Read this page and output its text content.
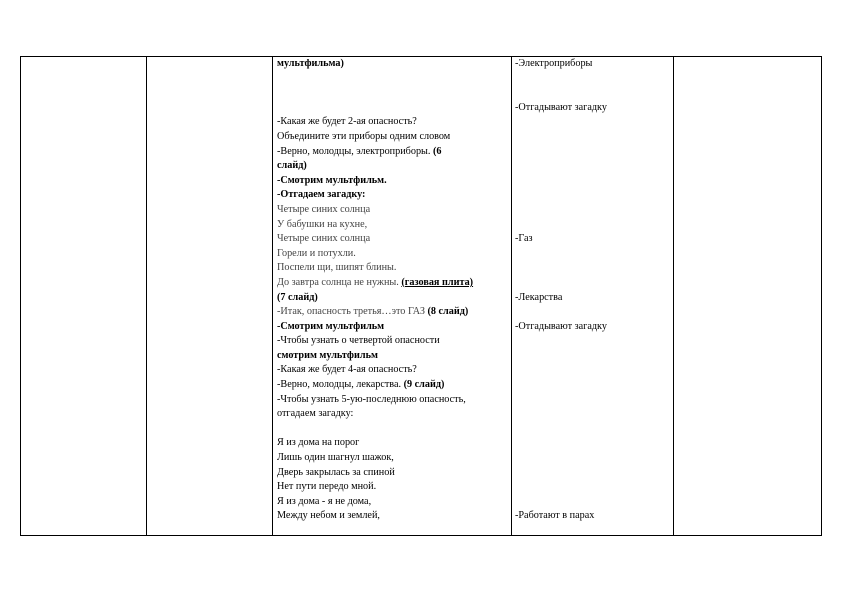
мультфильма)
-Какая же будет 2-ая опасность?
Объедините эти приборы одним словом
-Верно, молодцы, электроприборы. (6
слайд)
-Смотрим мультфильм.
-Отгадаем загадку:
Четыре синих солнца
У бабушки на кухне,
Четыре синих солнца
Горели и потухли.
Поспели щи, шипят блины.
До завтра солнца не нужны. (газовая плита)
(7 слайд)
-Итак, опасность третья…это ГАЗ (8 слайд)
-Смотрим мультфильм
-Чтобы узнать о четвертой опасности
смотрим мультфильм
-Какая же будет 4-ая опасность?
-Верно, молодцы, лекарства. (9 слайд)
-Чтобы узнать 5-ую-последнюю опасность,
отгадаем загадку:
Я из дома на порог
Лишь один шагнул шажок,
Дверь закрылась за спиной
Нет пути передо мной.
Я из дома - я не дома,
Между небом и землей,
-Электроприборы
-Отгадывают загадку
-Газ
-Лекарства
-Отгадывают загадку
-Работают в парах
